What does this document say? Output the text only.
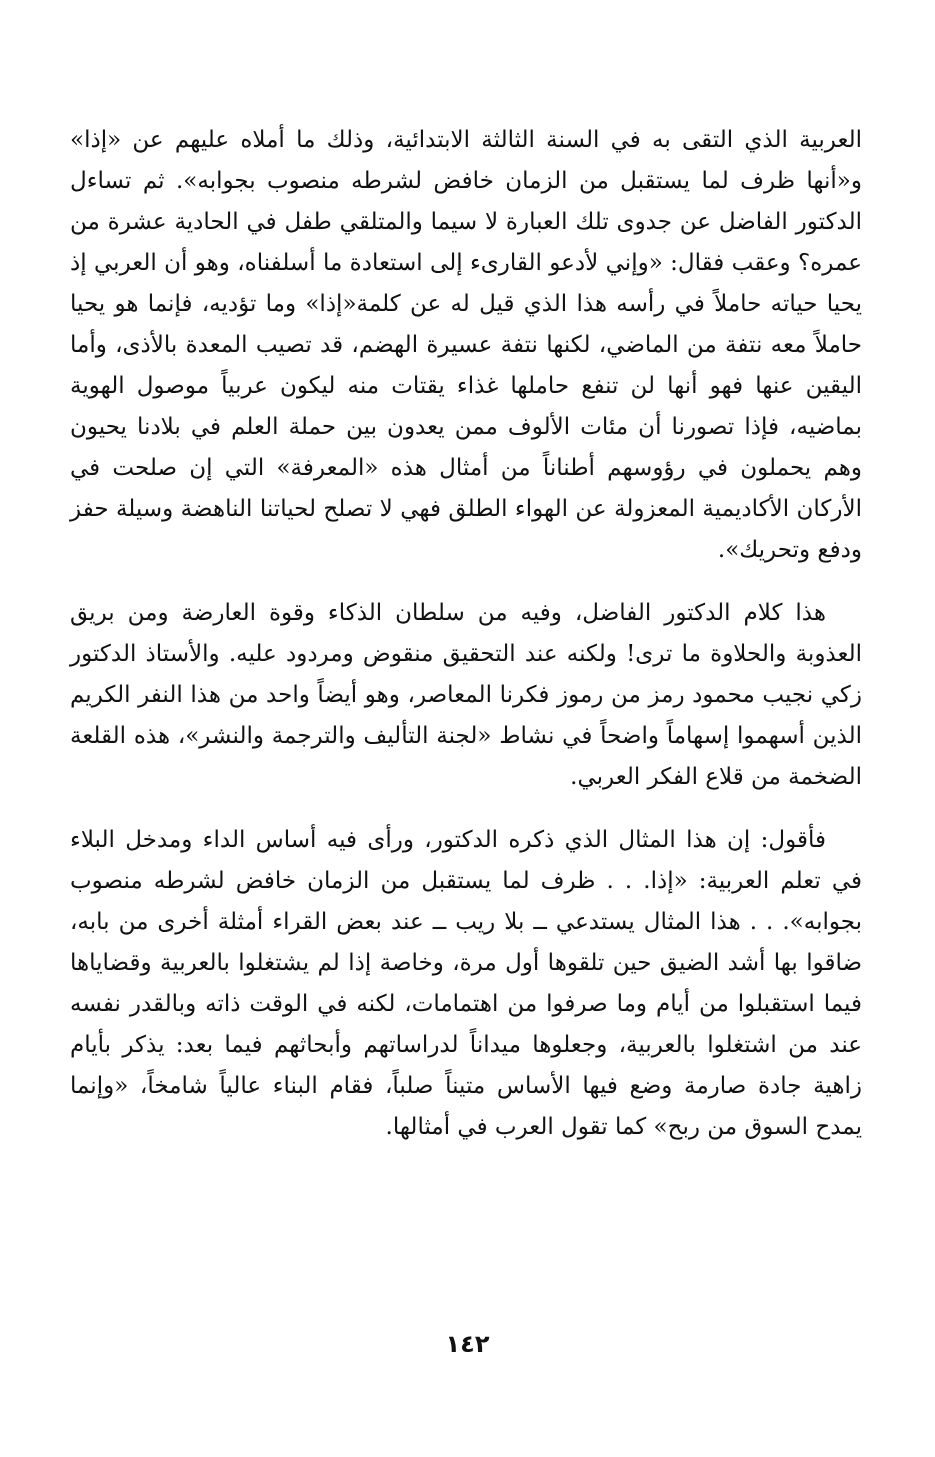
العربية الذي التقى به في السنة الثالثة الابتدائية، وذلك ما أملاه عليهم عن «إذا» و«أنها ظرف لما يستقبل من الزمان خافض لشرطه منصوب بجوابه». ثم تساءل الدكتور الفاضل عن جدوى تلك العبارة لا سيما والمتلقي طفل في الحادية عشرة من عمره؟ وعقب فقال: «وإني لأدعو القارىء إلى استعادة ما أسلفناه، وهو أن العربي إذ يحيا حياته حاملاً في رأسه هذا الذي قيل له عن كلمة«إذا» وما تؤديه، فإنما هو يحيا حاملاً معه نتفة من الماضي، لكنها نتفة عسيرة الهضم، قد تصيب المعدة بالأذى، وأما اليقين عنها فهو أنها لن تنفع حاملها غذاء يقتات منه ليكون عربياً موصول الهوية بماضيه، فإذا تصورنا أن مئات الألوف ممن يعدون بين حملة العلم في بلادنا يحيون وهم يحملون في رؤوسهم أطناناً من أمثال هذه «المعرفة» التي إن صلحت في الأركان الأكاديمية المعزولة عن الهواء الطلق فهي لا تصلح لحياتنا الناهضة وسيلة حفز ودفع وتحريك».

هذا كلام الدكتور الفاضل، وفيه من سلطان الذكاء وقوة العارضة ومن بريق العذوبة والحلاوة ما ترى! ولكنه عند التحقيق منقوض ومردود عليه. والأستاذ الدكتور زكي نجيب محمود رمز من رموز فكرنا المعاصر، وهو أيضاً واحد من هذا النفر الكريم الذين أسهموا إسهاماً واضحاً في نشاط «لجنة التأليف والترجمة والنشر»، هذه القلعة الضخمة من قلاع الفكر العربي.

فأقول: إن هذا المثال الذي ذكره الدكتور، ورأى فيه أساس الداء ومدخل البلاء في تعلم العربية: «إذا. . . ظرف لما يستقبل من الزمان خافض لشرطه منصوب بجوابه». . . هذا المثال يستدعي ــ بلا ريب ــ عند بعض القراء أمثلة أخرى من بابه، ضاقوا بها أشد الضيق حين تلقوها أول مرة، وخاصة إذا لم يشتغلوا بالعربية وقضاياها فيما استقبلوا من أيام وما صرفوا من اهتمامات، لكنه في الوقت ذاته وبالقدر نفسه عند من اشتغلوا بالعربية، وجعلوها ميداناً لدراساتهم وأبحاثهم فيما بعد: يذكر بأيام زاهية جادة صارمة وضع فيها الأساس متيناً صلباً، فقام البناء عالياً شامخاً، «وإنما يمدح السوق من ربح» كما تقول العرب في أمثالها.

١٤٢
